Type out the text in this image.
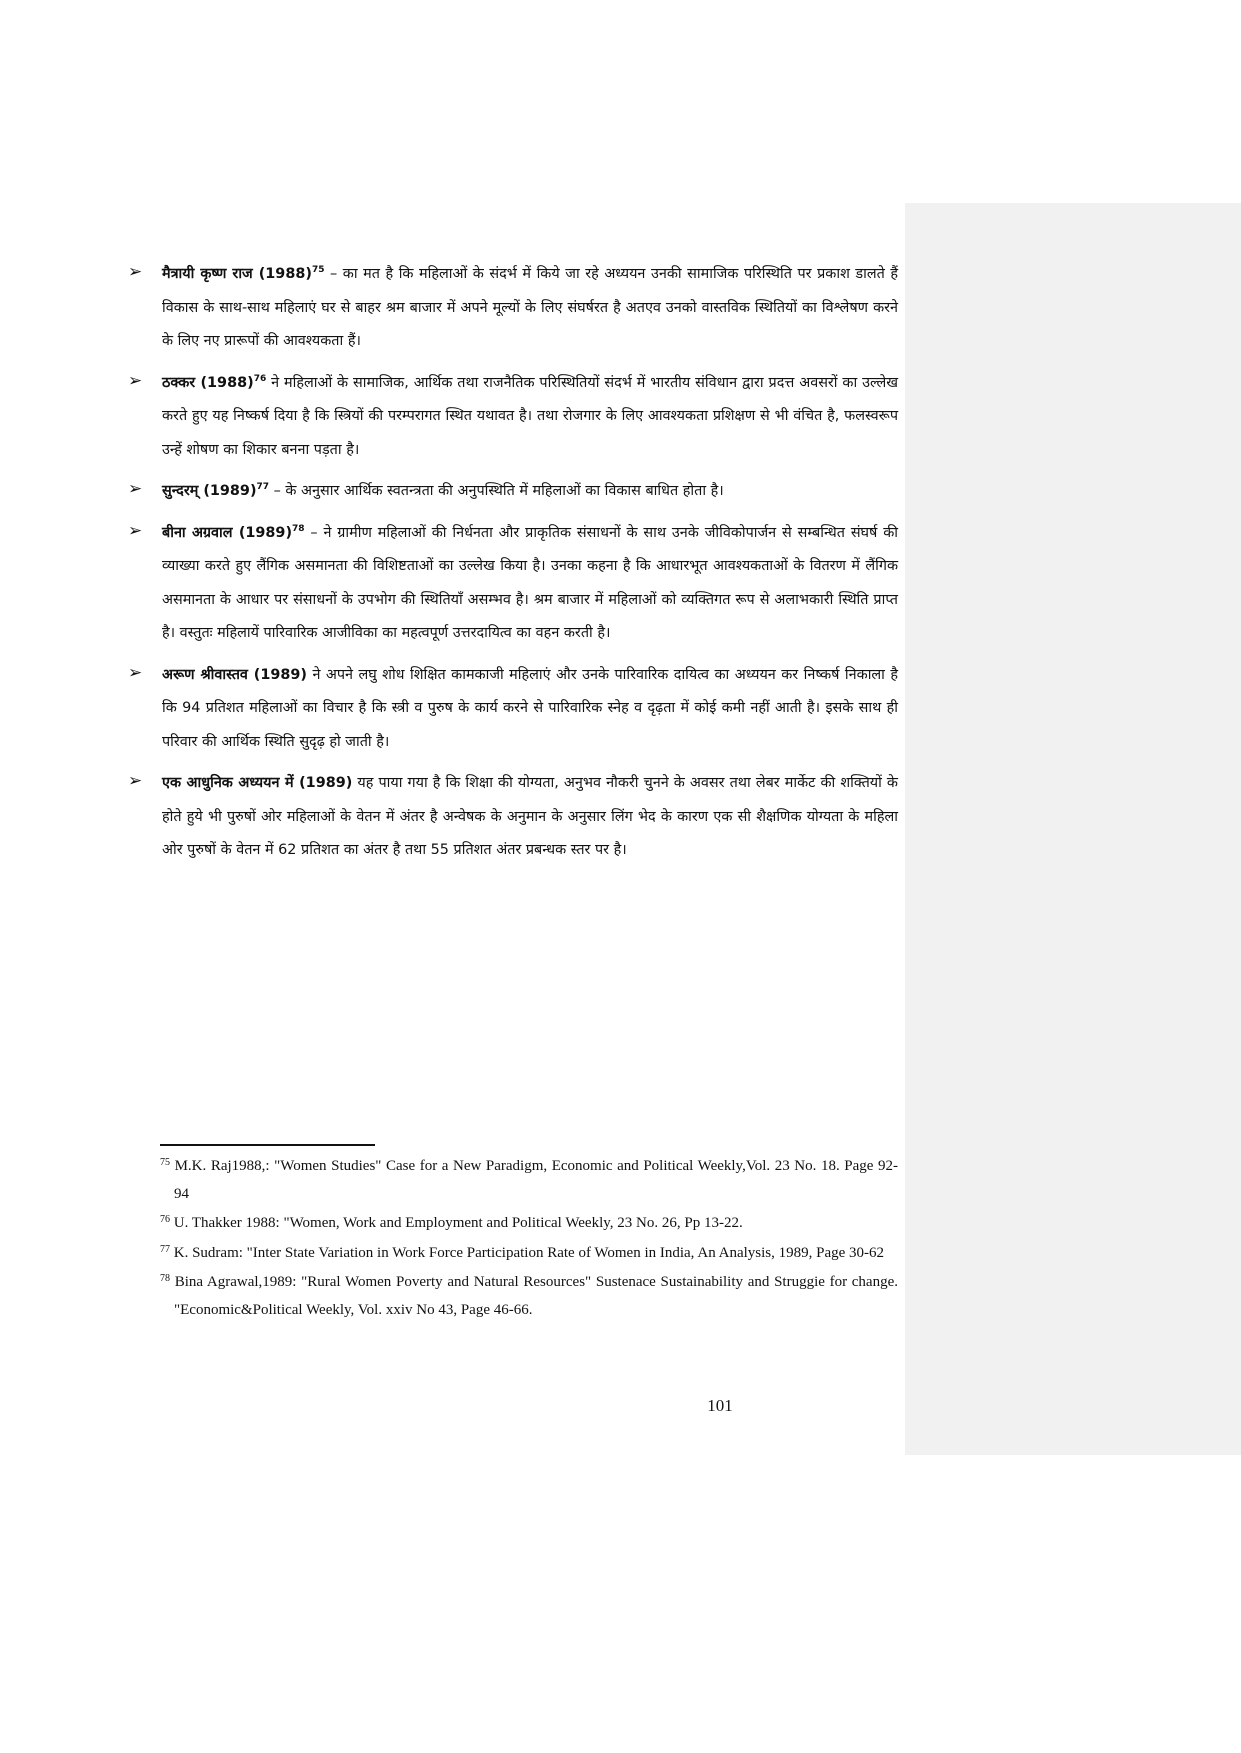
➢ मैत्रायी कृष्ण राज (1988)$^{75}$ – का मत है कि महिलाओं के संदर्भ में किये जा रहे अध्ययन उनकी सामाजिक परिस्थिति पर प्रकाश डालते हैं विकास के साथ-साथ महिलाएं घर से बाहर श्रम बाजार में अपने मूल्यों के लिए संघर्षरत है अतएव उनको वास्तविक स्थितियों का विश्लेषण करने के लिए नए प्रारूपों की आवश्यकता हैं।

➢ ठक्कर (1988)$^{76}$ ने महिलाओं के सामाजिक, आर्थिक तथा राजनैतिक परिस्थितियों संदर्भ में भारतीय संविधान द्वारा प्रदत्त अवसरों का उल्लेख करते हुए यह निष्कर्ष दिया है कि स्त्रियों की परम्परागत स्थित यथावत है। तथा रोजगार के लिए आवश्यकता प्रशिक्षण से भी वंचित है, फलस्वरूप उन्हें शोषण का शिकार बनना पड़ता है।

➢ सुन्दरम् (1989)$^{77}$ – के अनुसार आर्थिक स्वतन्त्रता की अनुपस्थिति में महिलाओं का विकास बाधित होता है।

➢ बीना अग्रवाल (1989)$^{78}$ – ने ग्रामीण महिलाओं की निर्धनता और प्राकृतिक संसाधनों के साथ उनके जीविकोपार्जन से सम्बन्धित संघर्ष की व्याख्या करते हुए लैंगिक असमानता की विशिष्टताओं का उल्लेख किया है। उनका कहना है कि आधारभूत आवश्यकताओं के वितरण में लैंगिक असमानता के आधार पर संसाधनों के उपभोग की स्थितियाँ असम्भव है। श्रम बाजार में महिलाओं को व्यक्तिगत रूप से अलाभकारी स्थिति प्राप्त है। वस्तुतः महिलायें पारिवारिक आजीविका का महत्वपूर्ण उत्तरदायित्व का वहन करती है।

➢ अरूण श्रीवास्तव (1989) ने अपने लघु शोध शिक्षित कामकाजी महिलाएं और उनके पारिवारिक दायित्व का अध्ययन कर निष्कर्ष निकाला है कि 94 प्रतिशत महिलाओं का विचार है कि स्त्री व पुरुष के कार्य करने से पारिवारिक स्नेह व दृढ़ता में कोई कमी नहीं आती है। इसके साथ ही परिवार की आर्थिक स्थिति सुदृढ़ हो जाती है।

➢ एक आधुनिक अध्ययन में (1989) यह पाया गया है कि शिक्षा की योग्यता, अनुभव नौकरी चुनने के अवसर तथा लेबर मार्केट की शक्तियों के होते हुये भी पुरुषों ओर महिलाओं के वेतन में अंतर है अन्वेषक के अनुमान के अनुसार लिंग भेद के कारण एक सी शैक्षणिक योग्यता के महिला ओर पुरुषों के वेतन में 62 प्रतिशत का अंतर है तथा 55 प्रतिशत अंतर प्रबन्धक स्तर पर है।

$^{75}$ M.K. Raj1988,: "Women Studies" Case for a New Paradigm, Economic and Political Weekly,Vol. 23 No. 18. Page 92-94

$^{76}$ U. Thakker 1988: "Women, Work and Employment and Political Weekly, 23 No. 26, Pp 13-22.

$^{77}$ K. Sudram: "Inter State Variation in Work Force Participation Rate of Women in India, An Analysis, 1989, Page 30-62

$^{78}$ Bina Agrawal,1989: "Rural Women Poverty and Natural Resources" Sustenace Sustainability and Struggie for change. "Economic&Political Weekly, Vol. xxiv No 43, Page 46-66.

101
